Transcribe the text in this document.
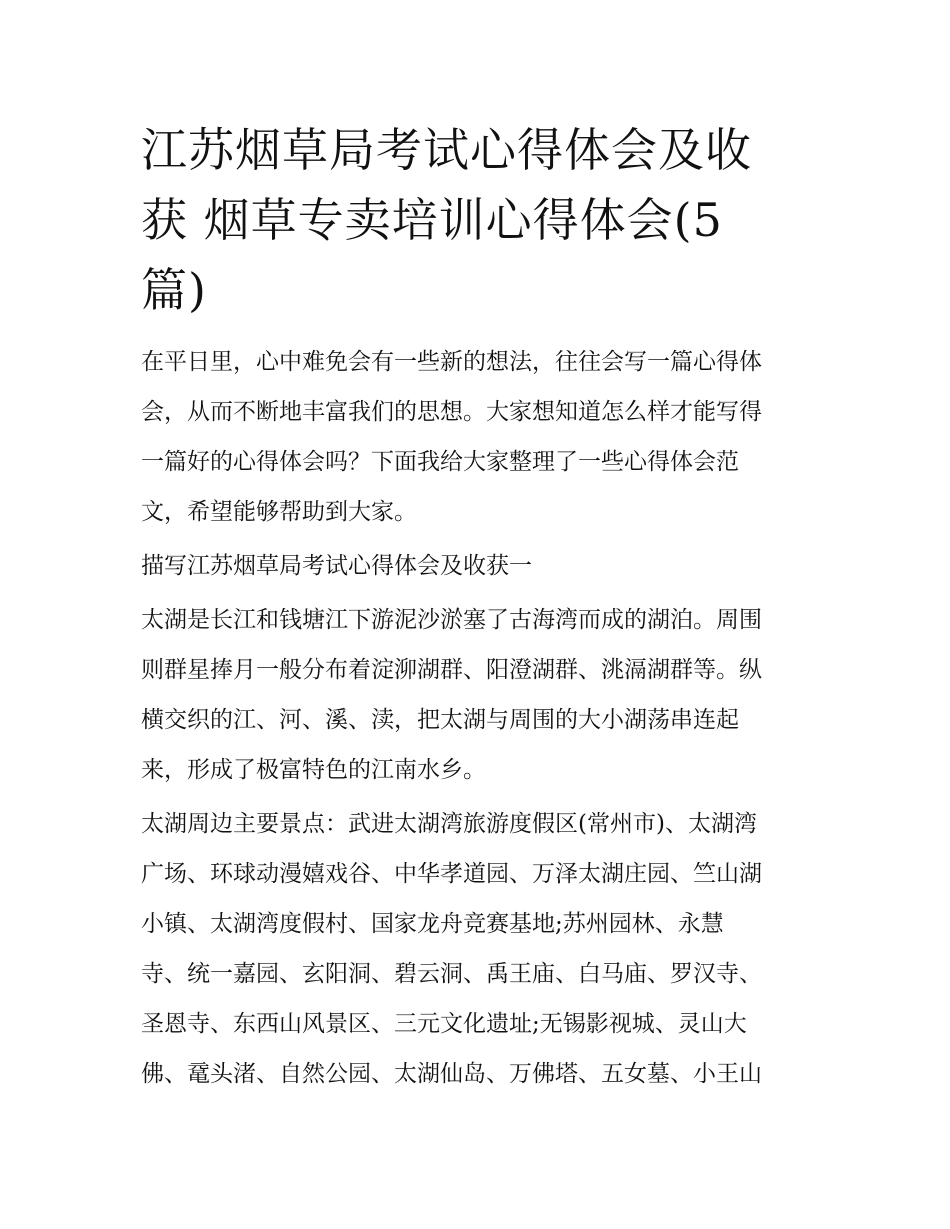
江苏烟草局考试心得体会及收
获 烟草专卖培训心得体会(5
篇)

在平日里，心中难免会有一些新的想法，往往会写一篇心得体
会，从而不断地丰富我们的思想。大家想知道怎么样才能写得
一篇好的心得体会吗？下面我给大家整理了一些心得体会范
文，希望能够帮助到大家。

描写江苏烟草局考试心得体会及收获一

太湖是长江和钱塘江下游泥沙淤塞了古海湾而成的湖泊。周围
则群星捧月一般分布着淀泖湖群、阳澄湖群、洮滆湖群等。纵
横交织的江、河、溪、渎，把太湖与周围的大小湖荡串连起
来，形成了极富特色的江南水乡。

太湖周边主要景点：武进太湖湾旅游度假区(常州市)、太湖湾
广场、环球动漫嬉戏谷、中华孝道园、万泽太湖庄园、竺山湖
小镇、太湖湾度假村、国家龙舟竞赛基地;苏州园林、永慧
寺、统一嘉园、玄阳洞、碧云洞、禹王庙、白马庙、罗汉寺、
圣恩寺、东西山风景区、三元文化遗址;无锡影视城、灵山大
佛、鼋头渚、自然公园、太湖仙岛、万佛塔、五女墓、小王山
